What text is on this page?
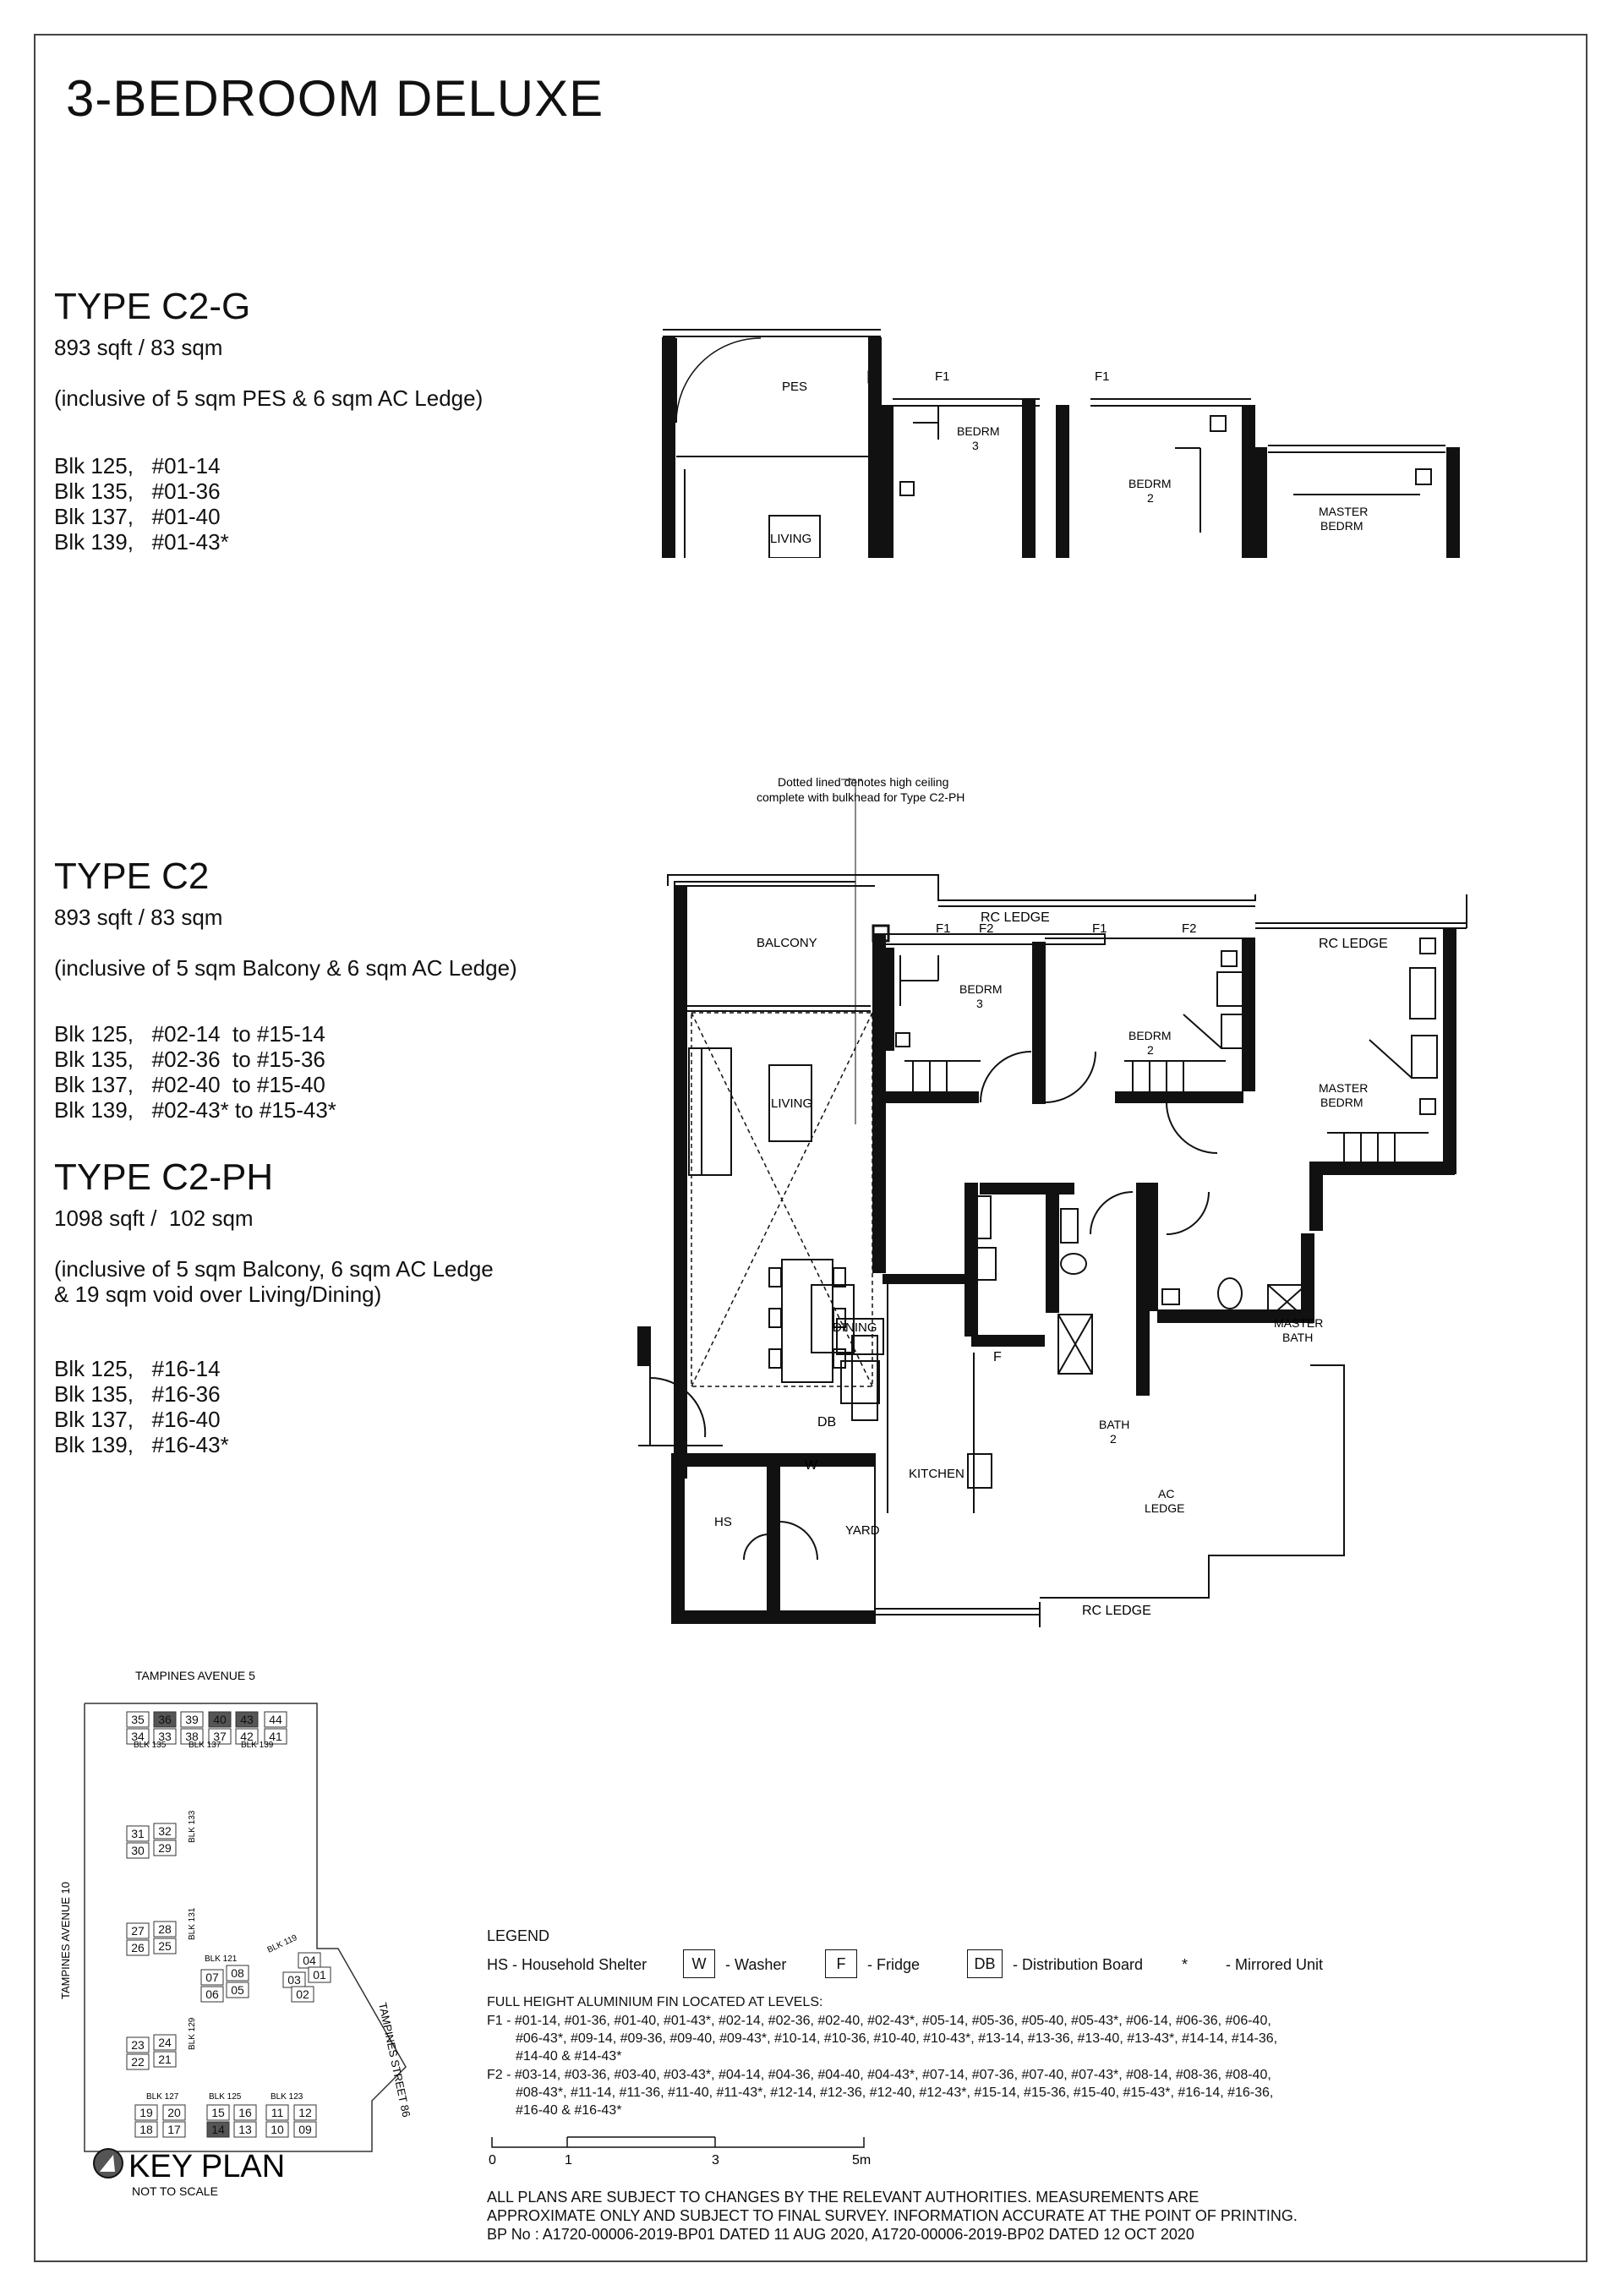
3-BEDROOM DELUXE
TYPE C2-G
893 sqft / 83 sqm
(inclusive of 5 sqm PES & 6 sqm AC Ledge)
Blk 125,   #01-14
Blk 135,   #01-36
Blk 137,   #01-40
Blk 139,   #01-43*
TYPE C2
893 sqft / 83 sqm
(inclusive of 5 sqm Balcony & 6 sqm AC Ledge)
Blk 125,   #02-14  to #15-14
Blk 135,   #02-36  to #15-36
Blk 137,   #02-40  to #15-40
Blk 139,   #02-43* to #15-43*
TYPE C2-PH
1098 sqft /  102 sqm
(inclusive of 5 sqm Balcony, 6 sqm AC Ledge
& 19 sqm void over Living/Dining)
Blk 125,   #16-14
Blk 135,   #16-36
Blk 137,   #16-40
Blk 139,   #16-43*
PES
F1	F1
BEDRM
3
BEDRM
2
MASTER
BEDRM
LIVING
Dotted lined denotes high ceiling
complete with bulkhead for Type C2-PH
RC LEDGE
RC LEDGE
RC LEDGE
BALCONY
F1 F2	F1	F2
BEDRM
3
BEDRM
2
MASTER
BEDRM
LIVING
DINING
KITCHEN
YARD
HS
DB
W
F
BATH
2
MASTER
BATH
AC
LEDGE
TAMPINES AVENUE 5
TAMPINES AVENUE 10
TAMPINES STREET 86
35 36 39 40 43 44
34 33 38 37 42 41
31 32
30 29
27 28
26 25
07 08
06 05
04
01
03
02
23 24
22 21
19 20	15 16 11 12
18 17	14 13 10 09
BLK 135	BLK 137 BLK 139
BLK 133
BLK 131
BLK 121
BLK 119
BLK 129
BLK 127	BLK 125	BLK 123
KEY PLAN
NOT TO SCALE
LEGEND
HS - Household Shelter	W	- Washer	F	- Fridge	DB	- Distribution Board	* - Mirrored Unit
FULL HEIGHT ALUMINIUM FIN LOCATED AT LEVELS:
F1 - #01-14, #01-36, #01-40, #01-43*, #02-14, #02-36, #02-40, #02-43*, #05-14, #05-36, #05-40, #05-43*, #06-14, #06-36, #06-40,
#06-43*, #09-14, #09-36, #09-40, #09-43*, #10-14, #10-36, #10-40, #10-43*, #13-14, #13-36, #13-40, #13-43*, #14-14, #14-36,
#14-40 & #14-43*
F2 - #03-14, #03-36, #03-40, #03-43*, #04-14, #04-36, #04-40, #04-43*, #07-14, #07-36, #07-40, #07-43*, #08-14, #08-36, #08-40,
#08-43*, #11-14, #11-36, #11-40, #11-43*, #12-14, #12-36, #12-40, #12-43*, #15-14, #15-36, #15-40, #15-43*, #16-14, #16-36,
#16-40 & #16-43*
0	1	3	5m
ALL PLANS ARE SUBJECT TO CHANGES BY THE RELEVANT AUTHORITIES. MEASUREMENTS ARE
APPROXIMATE ONLY AND SUBJECT TO FINAL SURVEY. INFORMATION ACCURATE AT THE POINT OF PRINTING.
BP No : A1720-00006-2019-BP01 DATED 11 AUG 2020, A1720-00006-2019-BP02 DATED 12 OCT 2020
